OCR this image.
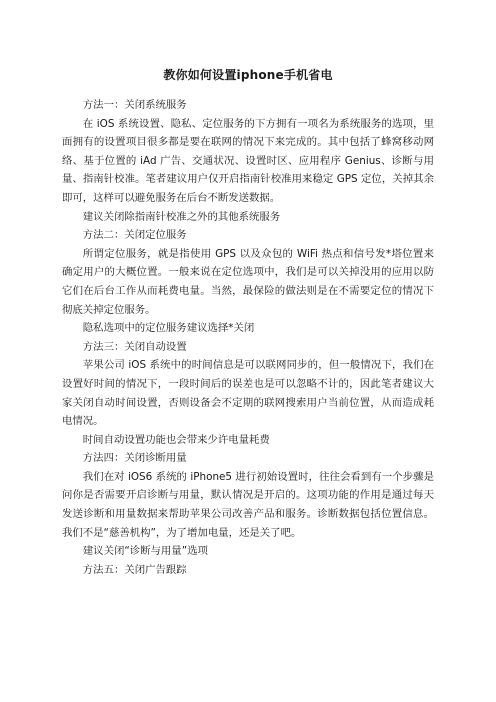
教你如何设置iphone手机省电

方法一：关闭系统服务

在 iOS 系统设置、隐私、定位服务的下方拥有一项名为系统服务的选项，里面拥有的设置项目很多都是要在联网的情况下来完成的。其中包括了蜂窝移动网络、基于位置的 iAd 广告、交通状况、设置时区、应用程序 Genius、诊断与用量、指南针校准。笔者建议用户仅开启指南针校准用来稳定 GPS 定位，关掉其余即可，这样可以避免服务在后台不断发送数据。

建议关闭除指南针校准之外的其他系统服务

方法二：关闭定位服务

所谓定位服务，就是指使用 GPS 以及众包的 WiFi 热点和信号发*塔位置来确定用户的大概位置。一般来说在定位选项中，我们是可以关掉没用的应用以防它们在后台工作从而耗费电量。当然，最保险的做法则是在不需要定位的情况下彻底关掉定位服务。

隐私选项中的定位服务建议选择*关闭

方法三：关闭自动设置

苹果公司 iOS 系统中的时间信息是可以联网同步的，但一般情况下，我们在设置好时间的情况下，一段时间后的误差也是可以忽略不计的，因此笔者建议大家关闭自动时间设置，否则设备会不定期的联网搜索用户当前位置，从而造成耗电情况。

时间自动设置功能也会带来少许电量耗费

方法四：关闭诊断用量

我们在对 iOS6 系统的 iPhone5 进行初始设置时，往往会看到有一个步骤是问你是否需要开启诊断与用量，默认情况是开启的。这项功能的作用是通过每天发送诊断和用量数据来帮助苹果公司改善产品和服务。诊断数据包括位置信息。我们不是“慈善机构”，为了增加电量，还是关了吧。

建议关闭“诊断与用量”选项

方法五：关闭广告跟踪
